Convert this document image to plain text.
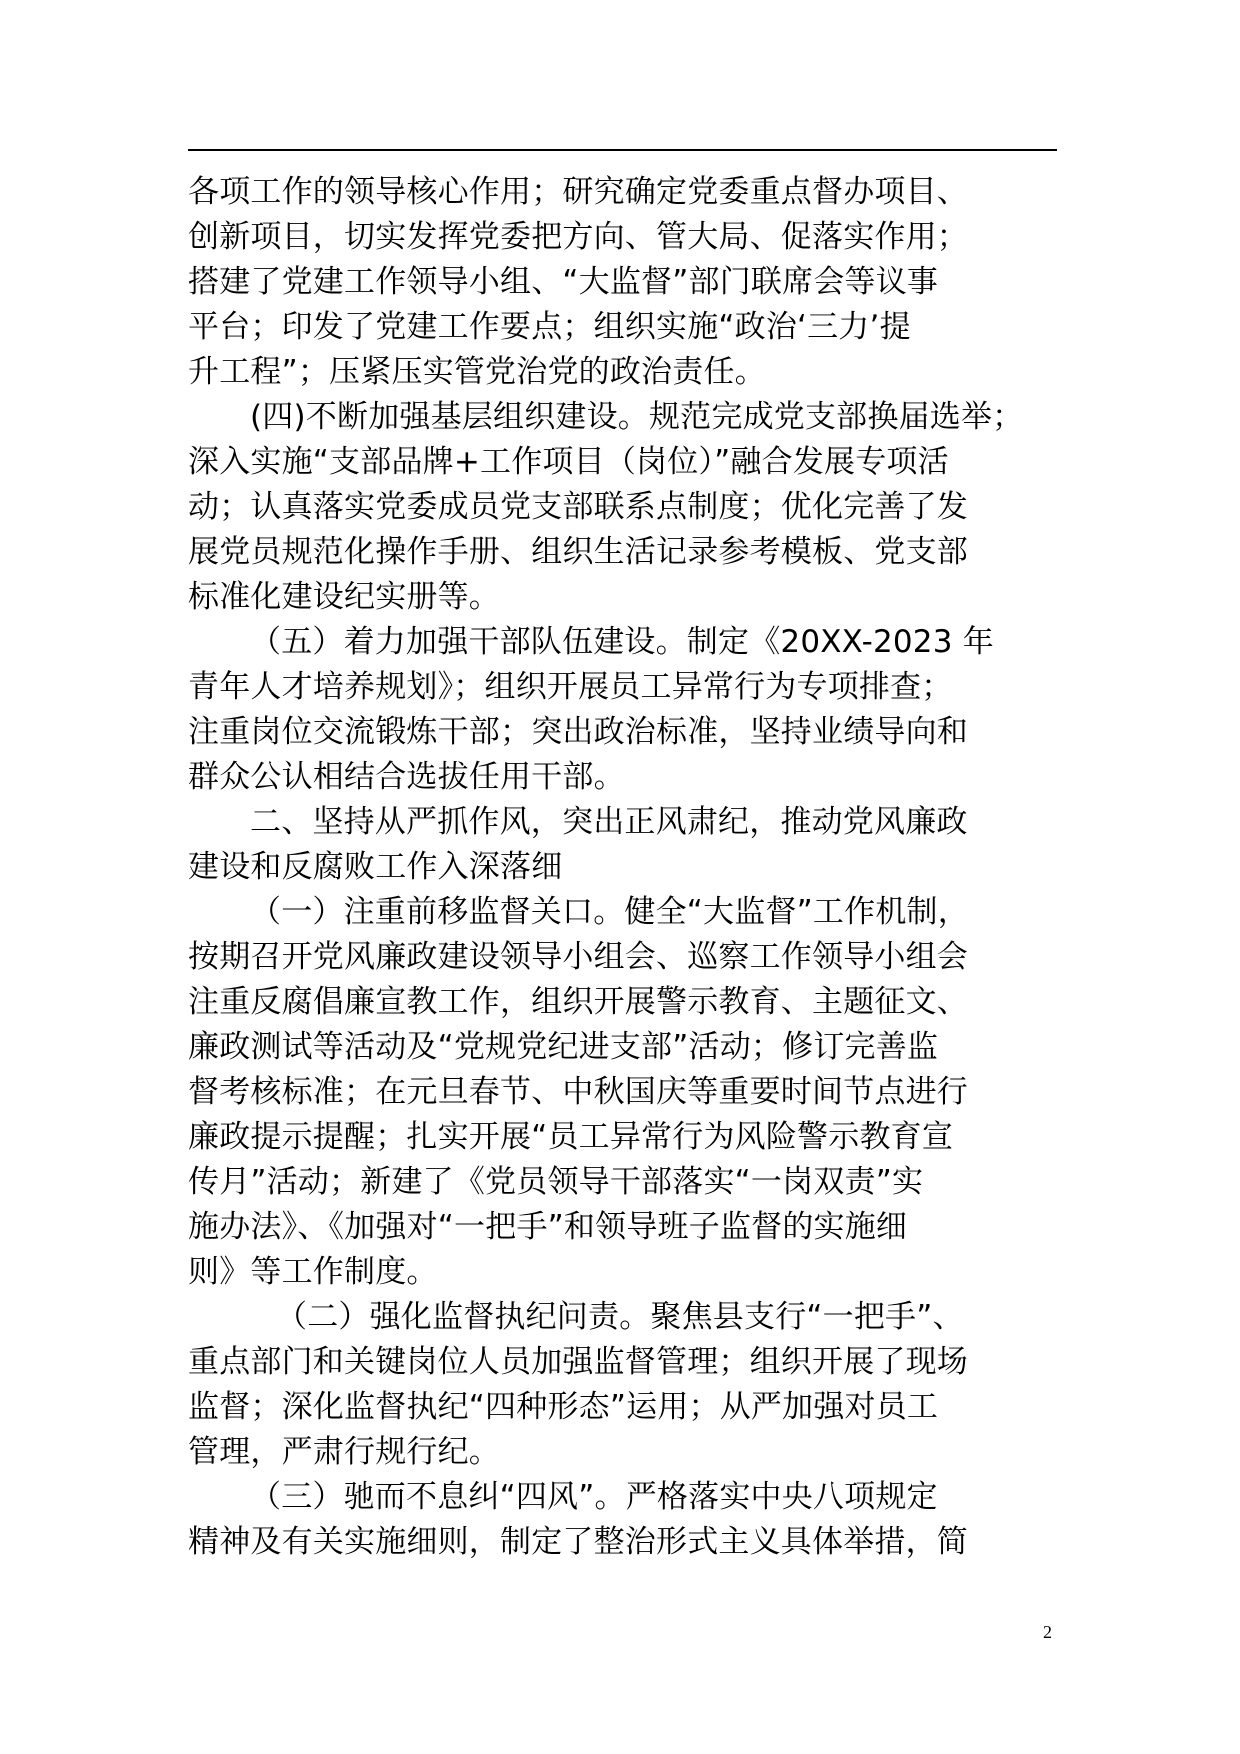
各项工作的领导核心作用；研究确定党委重点督办项目、
创新项目，切实发挥党委把方向、管大局、促落实作用；
搭建了党建工作领导小组、“大监督”部门联席会等议事
平台；印发了党建工作要点；组织实施“政治‘三力’提
升工程”；压紧压实管党治党的政治责任。
(四)不断加强基层组织建设。规范完成党支部换届选举；
深入实施“支部品牌+工作项目（岗位）”融合发展专项活
动；认真落实党委成员党支部联系点制度；优化完善了发
展党员规范化操作手册、组织生活记录参考模板、党支部
标准化建设纪实册等。
（五）着力加强干部队伍建设。制定《20XX-2023 年
青年人才培养规划》；组织开展员工异常行为专项排查；
注重岗位交流锻炼干部；突出政治标准，坚持业绩导向和
群众公认相结合选拔任用干部。
二、坚持从严抓作风，突出正风肃纪，推动党风廉政
建设和反腐败工作入深落细
（一）注重前移监督关口。健全“大监督”工作机制，
按期召开党风廉政建设领导小组会、巡察工作领导小组会
注重反腐倡廉宣教工作，组织开展警示教育、主题征文、
廉政测试等活动及“党规党纪进支部”活动；修订完善监
督考核标准；在元旦春节、中秋国庆等重要时间节点进行
廉政提示提醒；扎实开展“员工异常行为风险警示教育宣
传月”活动；新建了《党员领导干部落实“一岗双责”实
施办法》、《加强对“一把手”和领导班子监督的实施细
则》等工作制度。
（二）强化监督执纪问责。聚焦县支行“一把手”、
重点部门和关键岗位人员加强监督管理；组织开展了现场
监督；深化监督执纪“四种形态”运用；从严加强对员工
管理，严肃行规行纪。
（三）驰而不息纠“四风”。严格落实中央八项规定
精神及有关实施细则，制定了整治形式主义具体举措，简
2
